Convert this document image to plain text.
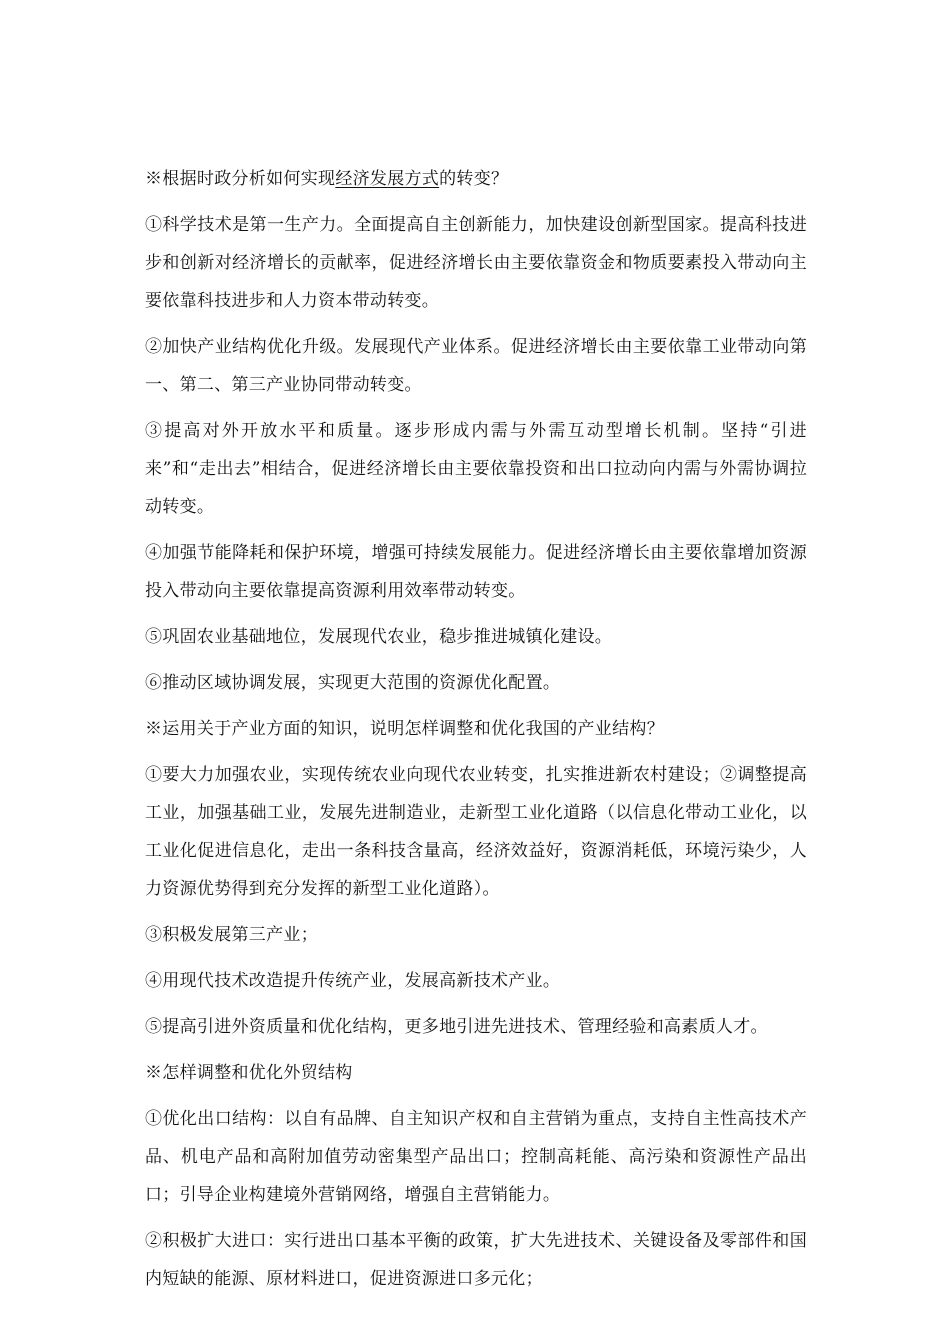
※根据时政分析如何实现经济发展方式的转变？

①科学技术是第一生产力。全面提高自主创新能力，加快建设创新型国家。提高科技进步和创新对经济增长的贡献率，促进经济增长由主要依靠资金和物质要素投入带动向主要依靠科技进步和人力资本带动转变。

②加快产业结构优化升级。发展现代产业体系。促进经济增长由主要依靠工业带动向第一、第二、第三产业协同带动转变。

③提高对外开放水平和质量。逐步形成内需与外需互动型增长机制。坚持“引进来”和“走出去”相结合，促进经济增长由主要依靠投资和出口拉动向内需与外需协调拉动转变。

④加强节能降耗和保护环境，增强可持续发展能力。促进经济增长由主要依靠增加资源投入带动向主要依靠提高资源利用效率带动转变。

⑤巩固农业基础地位，发展现代农业，稳步推进城镇化建设。

⑥推动区域协调发展，实现更大范围的资源优化配置。

※运用关于产业方面的知识，说明怎样调整和优化我国的产业结构？

①要大力加强农业，实现传统农业向现代农业转变，扎实推进新农村建设；②调整提高工业，加强基础工业，发展先进制造业，走新型工业化道路（以信息化带动工业化，以工业化促进信息化，走出一条科技含量高，经济效益好，资源消耗低，环境污染少，人力资源优势得到充分发挥的新型工业化道路）。

③积极发展第三产业；

④用现代技术改造提升传统产业，发展高新技术产业。

⑤提高引进外资质量和优化结构，更多地引进先进技术、管理经验和高素质人才。

※怎样调整和优化外贸结构

①优化出口结构：以自有品牌、自主知识产权和自主营销为重点，支持自主性高技术产品、机电产品和高附加值劳动密集型产品出口；控制高耗能、高污染和资源性产品出口；引导企业构建境外营销网络，增强自主营销能力。

②积极扩大进口：实行进出口基本平衡的政策，扩大先进技术、关键设备及零部件和国内短缺的能源、原材料进口，促进资源进口多元化；
